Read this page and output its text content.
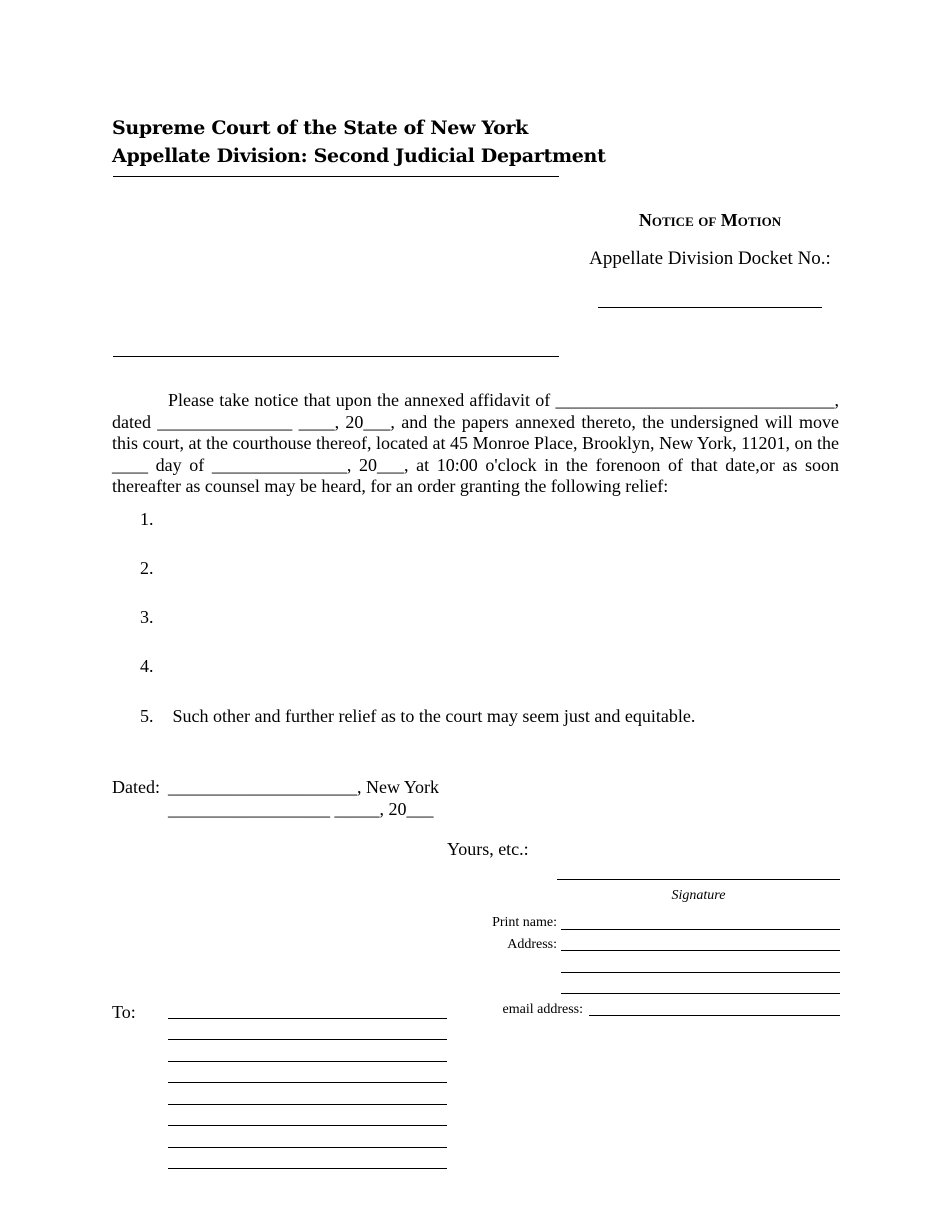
Supreme Court of the State of New York
Appellate Division: Second Judicial Department
Notice of Motion
Appellate Division Docket No.:

Please take notice that upon the annexed affidavit of _______________________________, dated _______________ ____, 20___, and the papers annexed thereto, the undersigned will move this court, at the courthouse thereof, located at 45 Monroe Place, Brooklyn, New York, 11201, on the ____ day of _______________, 20___, at 10:00 o'clock in the forenoon of that date,or as soon thereafter as counsel may be heard, for an order granting the following relief:

1.
2.
3.
4.
5. Such other and further relief as to the court may seem just and equitable.
Dated: _____________________, New York
__________________ _____, 20___
Yours, etc.:
Signature
Print name:
Address:
email address:
To:
